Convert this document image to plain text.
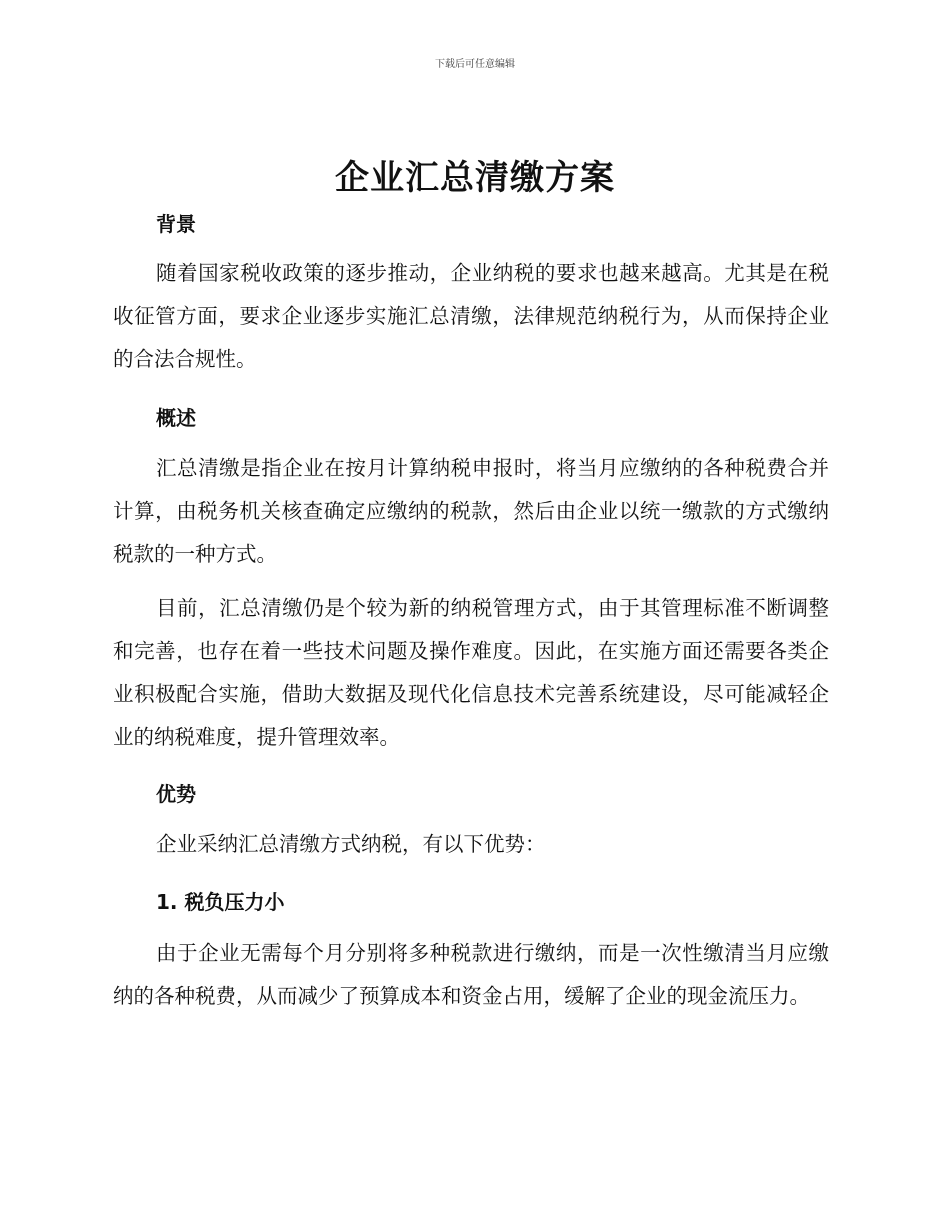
下载后可任意编辑
企业汇总清缴方案
背景

随着国家税收政策的逐步推动，企业纳税的要求也越来越高。尤其是在税收征管方面，要求企业逐步实施汇总清缴，法律规范纳税行为，从而保持企业的合法合规性。

概述

汇总清缴是指企业在按月计算纳税申报时，将当月应缴纳的各种税费合并计算，由税务机关核查确定应缴纳的税款，然后由企业以统一缴款的方式缴纳税款的一种方式。

目前，汇总清缴仍是个较为新的纳税管理方式，由于其管理标准不断调整和完善，也存在着一些技术问题及操作难度。因此，在实施方面还需要各类企业积极配合实施，借助大数据及现代化信息技术完善系统建设，尽可能减轻企业的纳税难度，提升管理效率。

优势

企业采纳汇总清缴方式纳税，有以下优势：

1. 税负压力小

由于企业无需每个月分别将多种税款进行缴纳，而是一次性缴清当月应缴纳的各种税费，从而减少了预算成本和资金占用，缓解了企业的现金流压力。
